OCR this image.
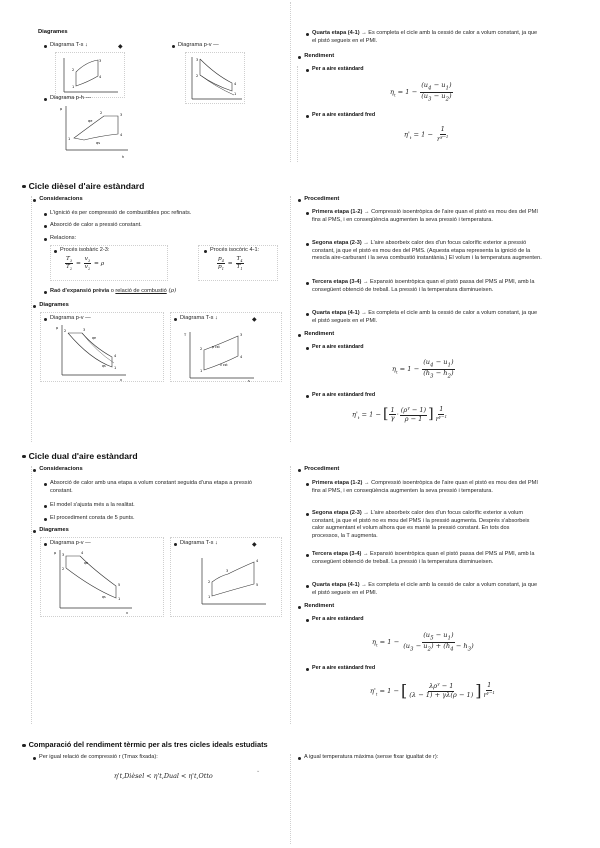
Diagrames
Diagrama T-s ↓	◆	Diagrama p-v —
1
2
3
4
3
2
4
1
Diagrama p-h —
qe
qs
1
2	3
4
h
p
Quarta etapa (4-1) → Es completa el cicle amb la cessió de calor a volum constant, ja que el pistó segueix en el PMI.
Rendiment
Per a aire estàndard
$\eta_t = 1 - \frac{(u_4 - u_1)}{(u_3 - u_2)}$
Per a aire estàndard fred
$\eta'_t = 1 - \frac{1}{r^{\gamma-1}}$
Cicle dièsel d'aire estàndard
Consideracions
L'ignició és per compressió de combustibles poc refinats.
Absorció de calor a pressió constant.
Relacions:
Procés isobàric 2-3:
$\frac{T_3}{T_2} = \frac{v_3}{v_2} = \rho$
Procés isocòric 4-1:
$\frac{p_4}{p_1} = \frac{T_4}{T_1}$
Raó d'expansió prèvia o relació de combustió (ρ)
Diagrames
Diagrama p-v —
2	3
4
1
qe
qs
p
v
Diagrama T-s ↓	◆
1
2
3
4
p cst
v cst
T
s
Procediment
Primera etapa (1-2) → Compressió isoentròpica de l'aire quan el pistó es mou des del PMI fins al PMS, i en conseqüència augmenten la seva pressió i temperatura.
Segona etapa (2-3) → L'aire absorbeix calor des d'un focus calorífic exterior a pressió constant, ja que el pistó es mou des del PMS. (Aquesta etapa representa la ignició de la mescla aire-carburant i la seva combustió instantània.) El volum i la temperatura augmenten.
Tercera etapa (3-4) → Expansió isoentròpica quan el pistó passa del PMS al PMI, amb la consegüent obtenció de treball. La pressió i la temperatura disminueixen.
Quarta etapa (4-1) → Es completa el cicle amb la cessió de calor a volum constant, ja que el pistó segueix en el PMI.
Rendiment
Per a aire estàndard
$\eta_t = 1 - \frac{(u_4 - u_1)}{(h_3 - h_2)}$
Per a aire estàndard fred
$\eta'_t = 1$ − [ $\frac{1}{\gamma} \cdot \frac{(\rho^\gamma - 1)}{\rho - 1}$ ] $\frac{1}{r^{\gamma-1}}$
Cicle dual d'aire estàndard
Consideracions
Absorció de calor amb una etapa a volum constant seguida d'una etapa a pressió constant.
El model s'ajusta més a la realitat.
El procediment consta de 5 punts.
Diagrames
Diagrama p-v —
2
3	4
5
1
qe
qs
p
v
Diagrama T-s ↓	◆
1
2
3
4
5
Procediment
Primera etapa (1-2) → Compressió isoentròpica de l'aire quan el pistó es mou des del PMI fins al PMS, i en conseqüència augmenten la seva pressió i temperatura.
Segona etapa (2-3) → L'aire absorbeix calor des d'un focus calorífic exterior a volum constant, ja que el pistó no es mou del PMS i la pressió augmenta. Després s'absorbeix calor augmentant el volum alhora que es manté la pressió constant. En tots dos processos, la T augmenta.
Tercera etapa (3-4) → Expansió isoentròpica quan el pistó passa del PMS al PMI, amb la consegüent obtenció de treball. La pressió i la temperatura disminueixen.
Quarta etapa (4-1) → Es completa el cicle amb la cessió de calor a volum constant, ja que el pistó segueix en el PMI.
Rendiment
Per a aire estàndard
$\eta_t = 1 - \frac{(u_5 - u_1)}{(u_3 - u_2) + (h_4 - h_3)}$
Per a aire estàndard fred
$\eta'_t = 1$ − [ $\frac{\lambda\rho^\gamma - 1}{(\lambda - 1) + \gamma\lambda(\rho - 1)}$ ] $\frac{1}{r^{\gamma-1}}$
Comparació del rendiment tèrmic per als tres cicles ideals estudiats
Per igual relació de compressió r (Tmax fixada):
η't,Dièsel < η't,Dual < η't,Otto
⌄
A igual temperatura màxima (sense fixar igualtat de r):
